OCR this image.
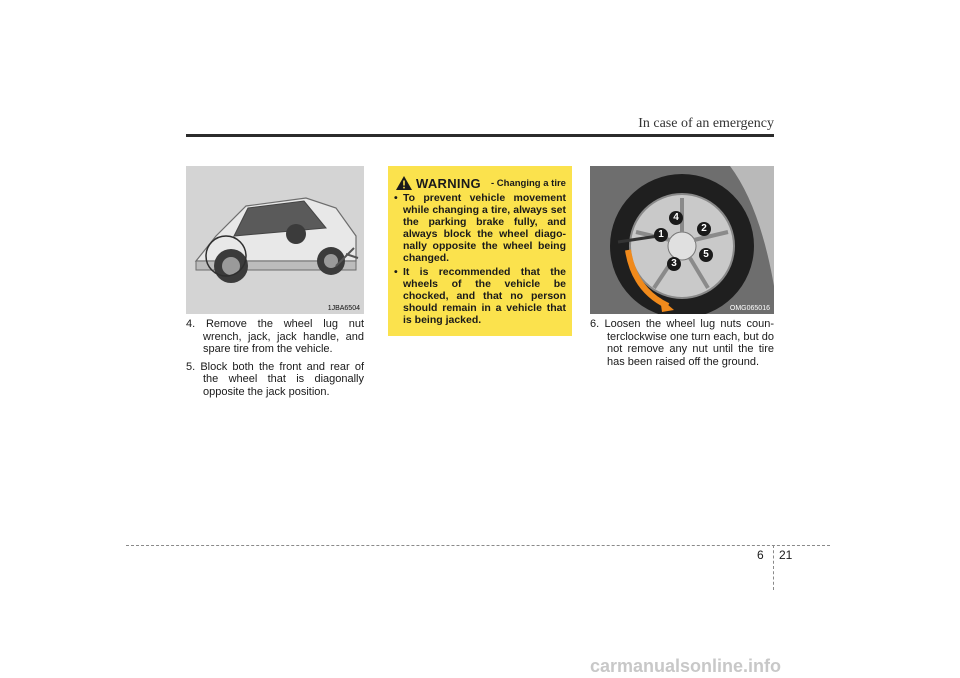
In case of an emergency
1JBA6504

4. Remove the wheel lug nut wrench, jack, jack handle, and spare tire from the vehicle.

5. Block both the front and rear of the wheel that is diagonally opposite the jack position.

WARNING - Changing a tire
• To prevent vehicle movement while changing a tire, always set the parking brake fully, and always block the wheel diago-nally opposite the wheel being changed.
• It is recommended that the wheels of the vehicle be chocked, and that no person should remain in a vehicle that is being jacked.
OMG065016
1
2
3
4
5

6. Loosen the wheel lug nuts coun-terclockwise one turn each, but do not remove any nut until the tire has been raised off the ground.

6 21
carmanualsonline.info
